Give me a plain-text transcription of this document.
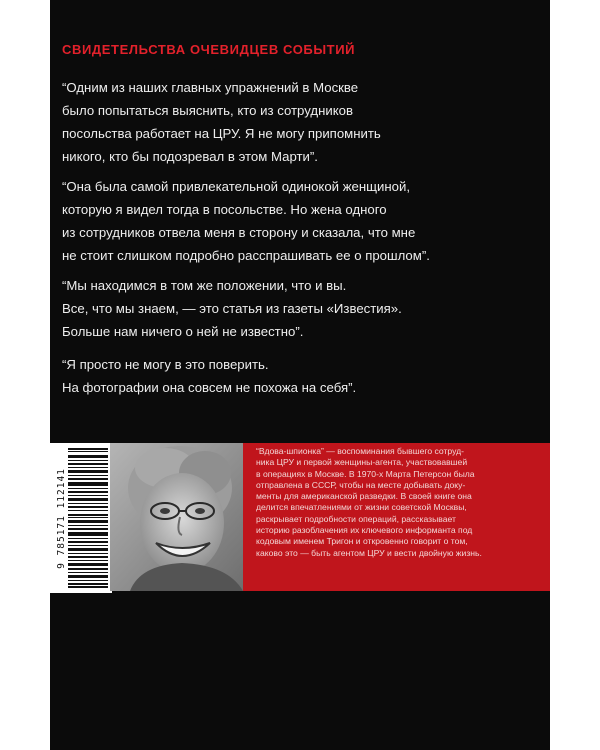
СВИДЕТЕЛЬСТВА ОЧЕВИДЦЕВ СОБЫТИЙ
“Одним из наших главных упражнений в Москве
было попытаться выяснить, кто из сотрудников
посольства работает на ЦРУ. Я не могу припомнить
никого, кто бы подозревал в этом Марти”.
“Она была самой привлекательной одинокой женщиной,
которую я видел тогда в посольстве. Но жена одного
из сотрудников отвела меня в сторону и сказала, что мне
не стоит слишком подробно расспрашивать ее о прошлом”.
“Мы находимся в том же положении, что и вы.
Все, что мы знаем, — это статья из газеты «Известия».
Больше нам ничего о ней не известно”.
“Я просто не могу в это поверить.
На фотографии она совсем не похожа на себя”.
9 785171 112141
“Вдова-шпионка” — воспоминания бывшего сотруд-
ника ЦРУ и первой женщины-агента, участвовавшей
в операциях в Москве. В 1970-х Марта Петерсон была
отправлена в СССР, чтобы на месте добывать доку-
менты для американской разведки. В своей книге она
делится впечатлениями от жизни советской Москвы,
раскрывает подробности операций, рассказывает
историю разоблачения их ключевого информанта под
кодовым именем Тригон и откровенно говорит о том,
каково это — быть агентом ЦРУ и вести двойную жизнь.
